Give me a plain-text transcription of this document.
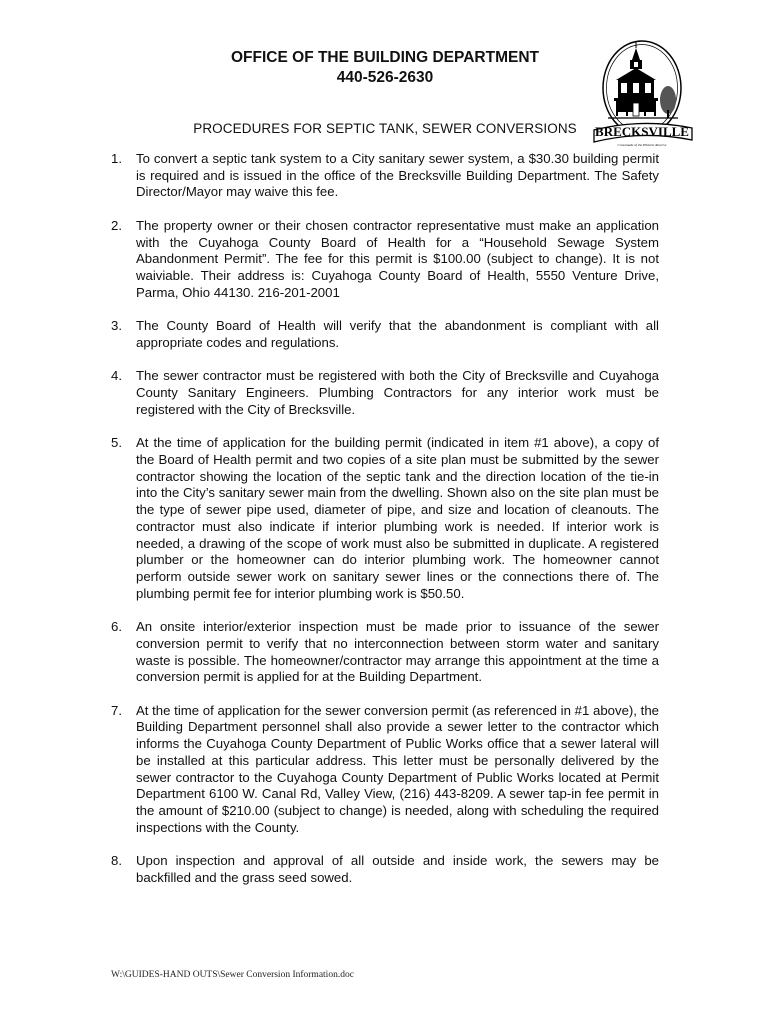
OFFICE OF THE BUILDING DEPARTMENT
440-526-2630
BRECKSVILLE
Crossroads of the Historic Reserve
PROCEDURES FOR SEPTIC TANK, SEWER CONVERSIONS
1. To convert a septic tank system to a City sanitary sewer system, a $30.30 building permit is required and is issued in the office of the Brecksville Building Department. The Safety Director/Mayor may waive this fee.
2. The property owner or their chosen contractor representative must make an application with the Cuyahoga County Board of Health for a “Household Sewage System Abandonment Permit”. The fee for this permit is $100.00 (subject to change). It is not waiviable. Their address is: Cuyahoga County Board of Health, 5550 Venture Drive, Parma, Ohio 44130. 216-201-2001
3. The County Board of Health will verify that the abandonment is compliant with all appropriate codes and regulations.
4. The sewer contractor must be registered with both the City of Brecksville and Cuyahoga County Sanitary Engineers. Plumbing Contractors for any interior work must be registered with the City of Brecksville.
5. At the time of application for the building permit (indicated in item #1 above), a copy of the Board of Health permit and two copies of a site plan must be submitted by the sewer contractor showing the location of the septic tank and the direction location of the tie-in into the City’s sanitary sewer main from the dwelling. Shown also on the site plan must be the type of sewer pipe used, diameter of pipe, and size and location of cleanouts. The contractor must also indicate if interior plumbing work is needed. If interior work is needed, a drawing of the scope of work must also be submitted in duplicate. A registered plumber or the homeowner can do interior plumbing work. The homeowner cannot perform outside sewer work on sanitary sewer lines or the connections there of. The plumbing permit fee for interior plumbing work is $50.50.
6. An onsite interior/exterior inspection must be made prior to issuance of the sewer conversion permit to verify that no interconnection between storm water and sanitary waste is possible. The homeowner/contractor may arrange this appointment at the time a conversion permit is applied for at the Building Department.
7. At the time of application for the sewer conversion permit (as referenced in #1 above), the Building Department personnel shall also provide a sewer letter to the contractor which informs the Cuyahoga County Department of Public Works office that a sewer lateral will be installed at this particular address. This letter must be personally delivered by the sewer contractor to the Cuyahoga County Department of Public Works located at Permit Department 6100 W. Canal Rd, Valley View, (216) 443-8209. A sewer tap-in fee permit in the amount of $210.00 (subject to change) is needed, along with scheduling the required inspections with the County.
8. Upon inspection and approval of all outside and inside work, the sewers may be backfilled and the grass seed sowed.
W:\GUIDES-HAND OUTS\Sewer Conversion Information.doc
